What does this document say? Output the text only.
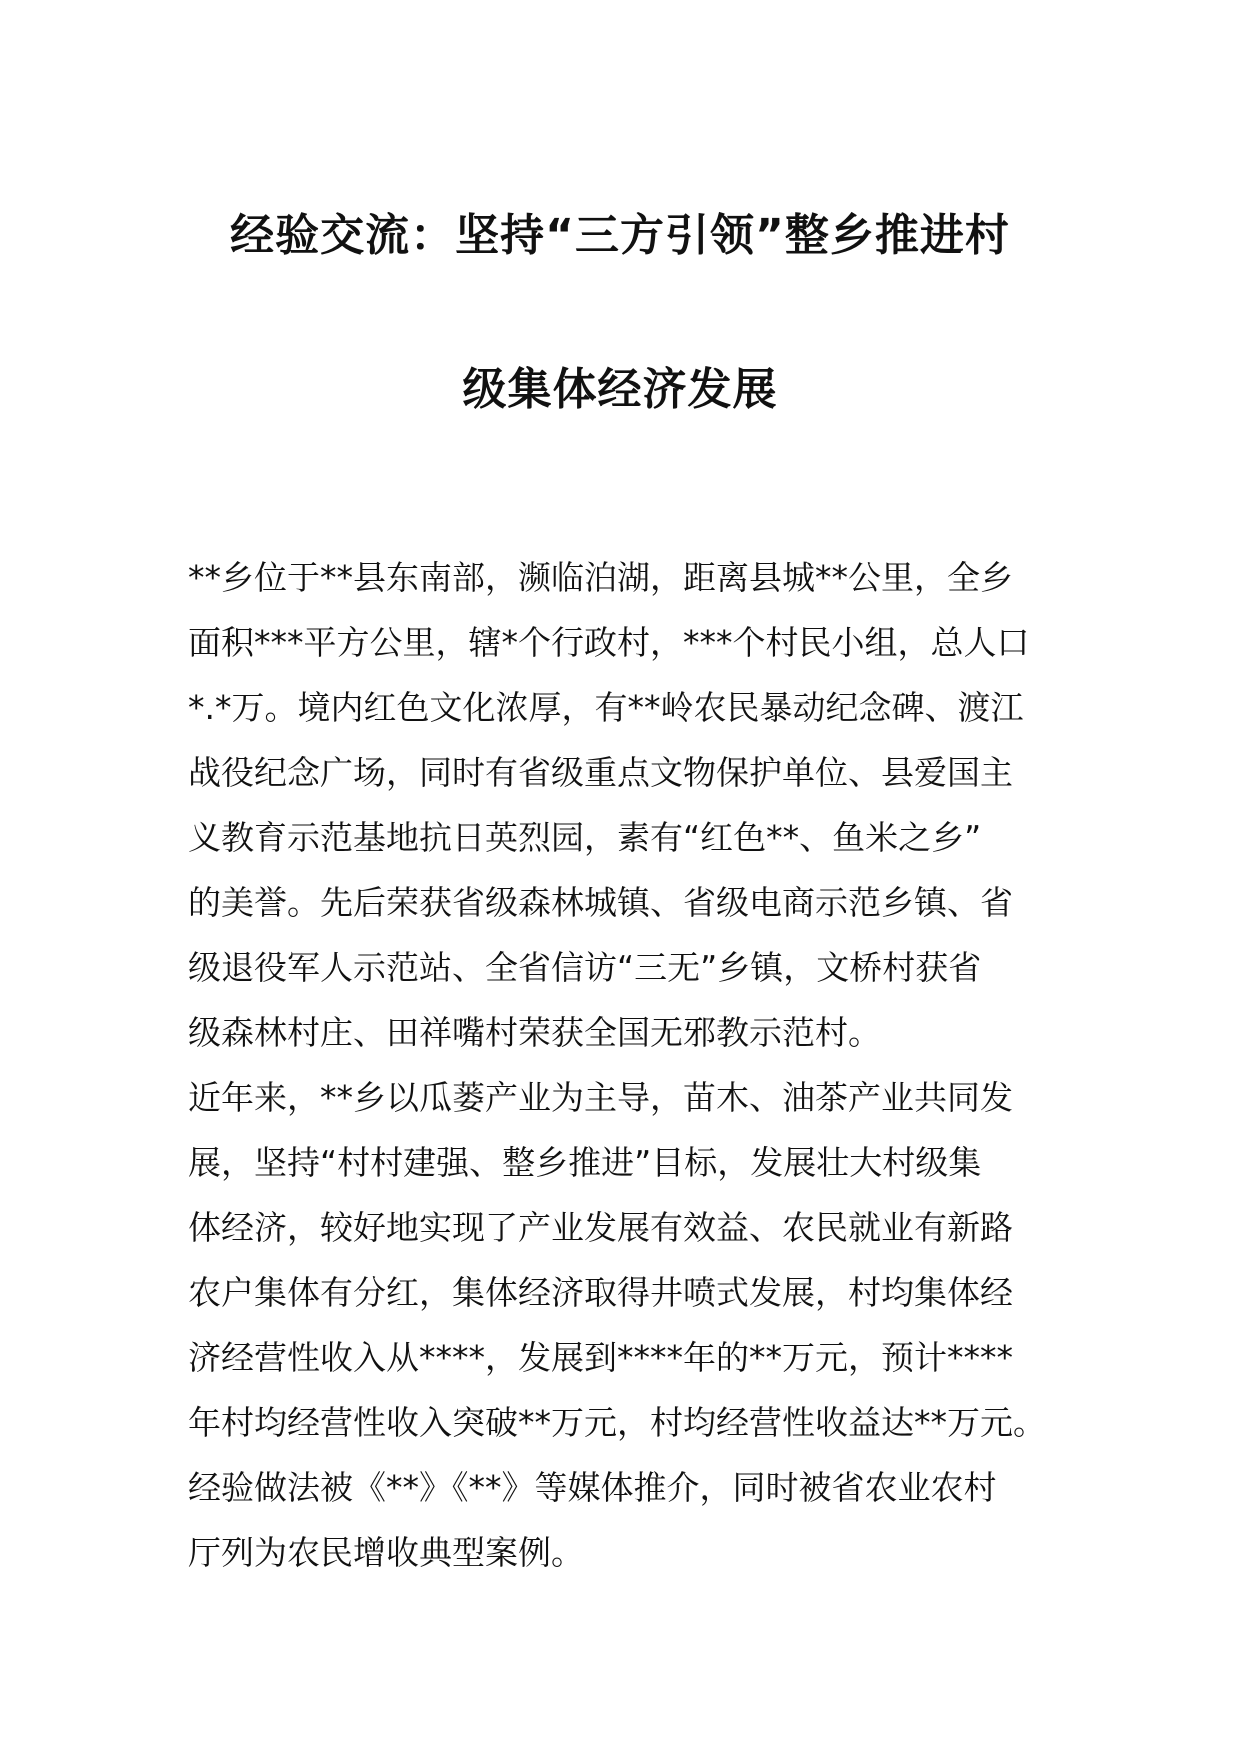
经验交流：坚持“三方引领”整乡推进村
级集体经济发展

**乡位于**县东南部，濒临泊湖，距离县城**公里，全乡

面积***平方公里，辖*个行政村，***个村民小组，总人口

*.*万。境内红色文化浓厚，有**岭农民暴动纪念碑、渡江

战役纪念广场，同时有省级重点文物保护单位、县爱国主

义教育示范基地抗日英烈园，素有“红色**、鱼米之乡”

的美誉。先后荣获省级森林城镇、省级电商示范乡镇、省

级退役军人示范站、全省信访“三无”乡镇，文桥村获省

级森林村庄、田祥嘴村荣获全国无邪教示范村。

近年来，**乡以瓜蒌产业为主导，苗木、油茶产业共同发

展，坚持“村村建强、整乡推进”目标，发展壮大村级集

体经济，较好地实现了产业发展有效益、农民就业有新路

农户集体有分红，集体经济取得井喷式发展，村均集体经

济经营性收入从****，发展到****年的**万元，预计****

年村均经营性收入突破**万元，村均经营性收益达**万元。

经验做法被《**》《**》等媒体推介，同时被省农业农村

厅列为农民增收典型案例。
